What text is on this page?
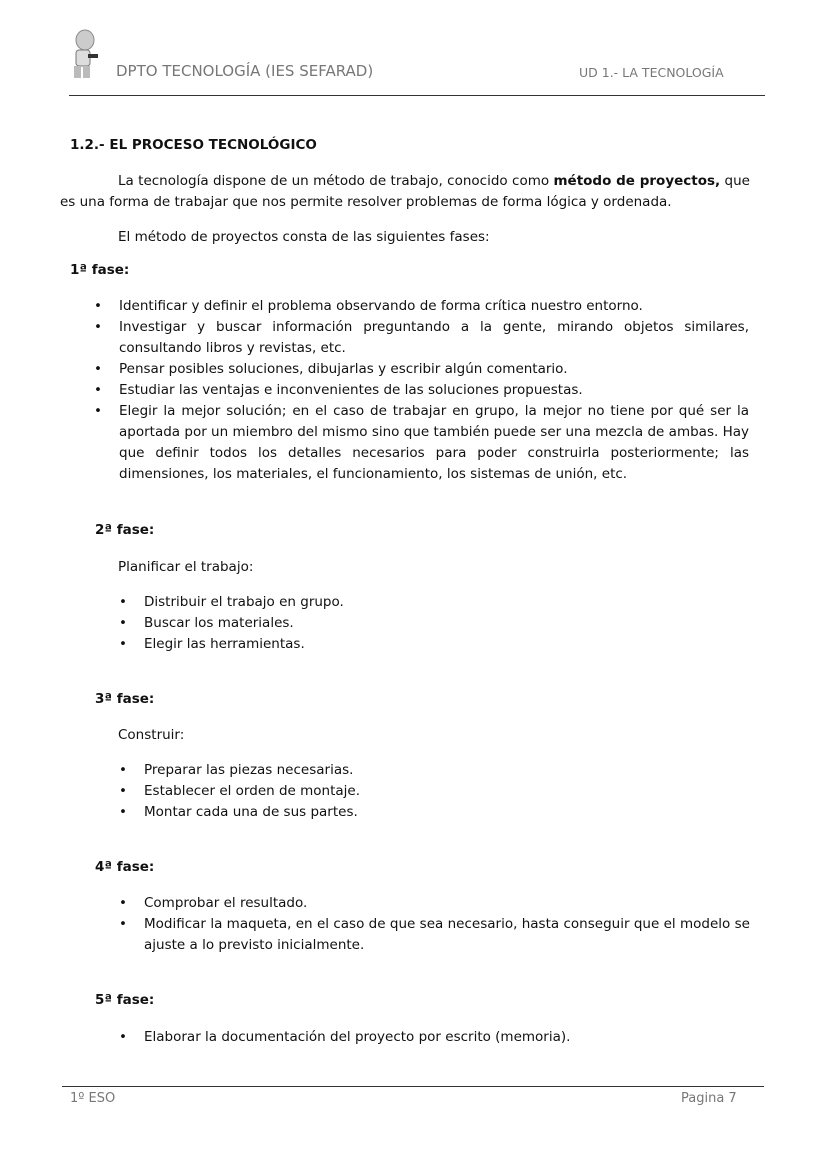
DPTO TECNOLOGÍA (IES SEFARAD)	UD 1.- LA TECNOLOGÍA
1.2.- EL PROCESO TECNOLÓGICO

La tecnología dispone de un método de trabajo, conocido como método de proyectos, que es una forma de trabajar que nos permite resolver problemas de forma lógica y ordenada.

El método de proyectos consta de las siguientes fases:

1ª fase:
• Identificar y definir el problema observando de forma crítica nuestro entorno.
• Investigar y buscar información preguntando a la gente, mirando objetos similares, consultando libros y revistas, etc.
• Pensar posibles soluciones, dibujarlas y escribir algún comentario.
• Estudiar las ventajas e inconvenientes de las soluciones propuestas.
• Elegir la mejor solución; en el caso de trabajar en grupo, la mejor no tiene por qué ser la aportada por un miembro del mismo sino que también puede ser una mezcla de ambas. Hay que definir todos los detalles necesarios para poder construirla posteriormente; las dimensiones, los materiales, el funcionamiento, los sistemas de unión, etc.
2ª fase:

Planificar el trabajo:

• Distribuir el trabajo en grupo.
• Buscar los materiales.
• Elegir las herramientas.
3ª fase:

Construir:

• Preparar las piezas necesarias.
• Establecer el orden de montaje.
• Montar cada una de sus partes.
4ª fase:
• Comprobar el resultado.
• Modificar la maqueta, en el caso de que sea necesario, hasta conseguir que el modelo se ajuste a lo previsto inicialmente.
5ª fase:
• Elaborar la documentación del proyecto por escrito (memoria).
1º ESO	Pagina 7
